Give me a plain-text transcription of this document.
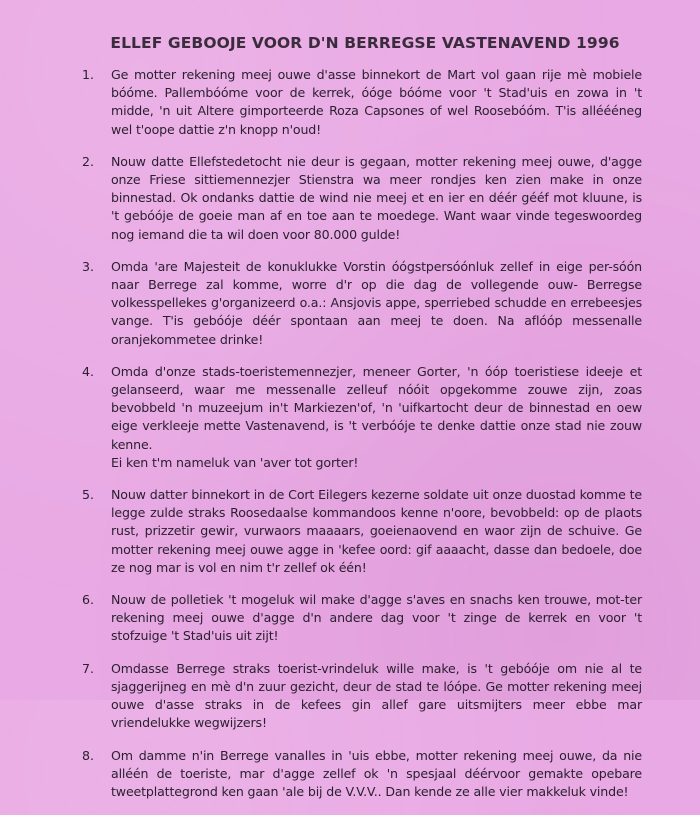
ELLEF GEBOOJE VOOR D'N BERREGSE VASTENAVEND 1996
1. Ge motter rekening meej ouwe d'asse binnekort de Mart vol gaan rije mè mobiele bóóme. Pallembóóme voor de kerrek, óóge bóóme voor 't Stad'uis en zowa in 't midde, 'n uit Altere gimporteerde Roza Capsones of wel Roosebóóm. T'is alléééneg wel t'oope dattie z'n knopp n'oud!
2. Nouw datte Ellefstedetocht nie deur is gegaan, motter rekening meej ouwe, d'agge onze Friese sittiemennezjer Stienstra wa meer rondjes ken zien make in onze binnestad. Ok ondanks dattie de wind nie meej et en ier en déér gééf mot kluune, is 't gebóóje de goeie man af en toe aan te moedege. Want waar vinde tegeswoordeg nog iemand die ta wil doen voor 80.000 gulde!
3. Omda 'are Majesteit de konuklukke Vorstin óógstpersóónluk zellef in eige per-sóón naar Berrege zal komme, worre d'r op die dag de vollegende ouw- Berregse volkesspellekes g'organizeerd o.a.: Ansjovis appe, sperriebed schudde en errebeesjes vange. T'is gebóóje déér spontaan aan meej te doen. Na aflóóp messenalle oranjekommetee drinke!
4. Omda d'onze stads-toeristemennezjer, meneer Gorter, 'n óóp toeristiese ideeje et gelanseerd, waar me messenalle zelleuf nóóit opgekomme zouwe zijn, zoas bevobbeld 'n muzeejum in't Markiezen'of, 'n 'uifkartocht deur de binnestad en oew eige verkleeje mette Vastenavend, is 't verbóóje te denke dattie onze stad nie zouw kenne.
Ei ken t'm nameluk van 'aver tot gorter!
5. Nouw datter binnekort in de Cort Eilegers kezerne soldate uit onze duostad komme te legge zulde straks Roosedaalse kommandoos kenne n'oore, bevobbeld: op de plaots rust, prizzetir gewir, vurwaors maaaars, goeienaovend en waor zijn de schuive. Ge motter rekening meej ouwe agge in 'kefee oord: gif aaaacht, dasse dan bedoele, doe ze nog mar is vol en nim t'r zellef ok één!
6. Nouw de polletiek 't mogeluk wil make d'agge s'aves en snachs ken trouwe, mot-ter rekening meej ouwe d'agge d'n andere dag voor 't zinge de kerrek en voor 't stofzuige 't Stad'uis uit zijt!
7. Omdasse Berrege straks toerist-vrindeluk wille make, is 't gebóóje om nie al te sjaggerijneg en mè d'n zuur gezicht, deur de stad te lóópe. Ge motter rekening meej ouwe d'asse straks in de kefees gin allef gare uitsmijters meer ebbe mar vriendelukke wegwijzers!
8. Om damme n'in Berrege vanalles in 'uis ebbe, motter rekening meej ouwe, da nie alléén de toeriste, mar d'agge zellef ok 'n spesjaal déérvoor gemakte opebare tweetplattegrond ken gaan 'ale bij de V.V.V.. Dan kende ze alle vier makkeluk vinde!
